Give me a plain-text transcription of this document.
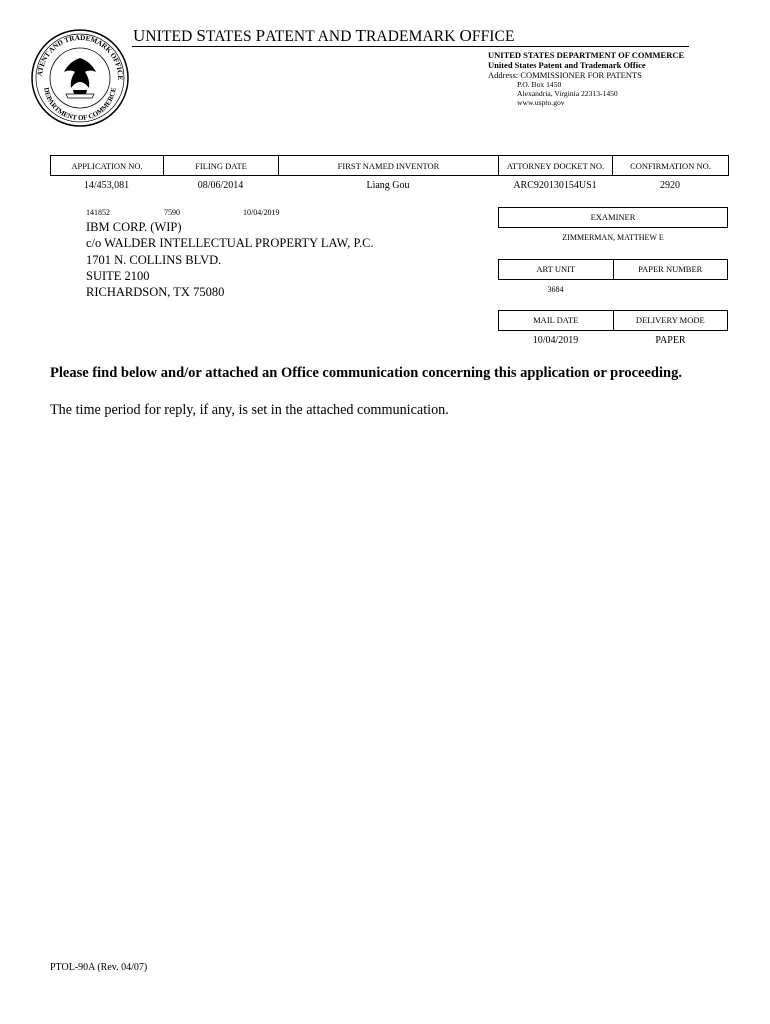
ATENT AND TRADEMARK OFFICE
DEPARTMENT OF COMMERCE
UNITED STATES PATENT AND TRADEMARK OFFICE
UNITED STATES DEPARTMENT OF COMMERCE
United States Patent and Trademark Office
Address: COMMISSIONER FOR PATENTS
P.O. Box 1450
Alexandria, Virginia 22313-1450
www.uspto.gov
APPLICATION NO.	FILING DATE	FIRST NAMED INVENTOR	ATTORNEY DOCKET NO.	CONFIRMATION NO.
14/453,081	08/06/2014	Liang Gou	ARC920130154US1	2920
141852	7590	10/04/2019
IBM CORP. (WIP)
c/o WALDER INTELLECTUAL PROPERTY LAW, P.C.
1701 N. COLLINS BLVD.
SUITE 2100
RICHARDSON, TX 75080
EXAMINER
ZIMMERMAN, MATTHEW E
ART UNIT	PAPER NUMBER
3684
MAIL DATE	DELIVERY MODE
10/04/2019	PAPER
Please find below and/or attached an Office communication concerning this application or proceeding.
The time period for reply, if any, is set in the attached communication.
PTOL-90A (Rev. 04/07)
